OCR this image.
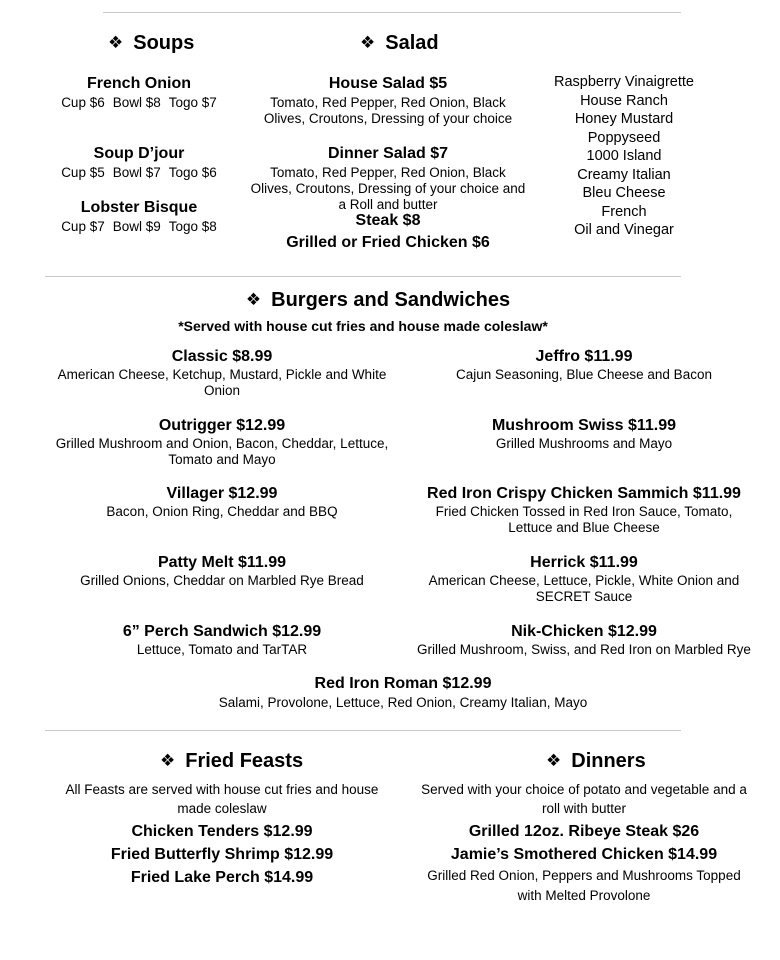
❖ Soups	❖ Salad
French Onion
Cup $6 Bowl $8 Togo $7
Soup D’jour
Cup $5 Bowl $7 Togo $6
Lobster Bisque
Cup $7 Bowl $9 Togo $8
House Salad $5
Tomato, Red Pepper, Red Onion, Black
Olives, Croutons, Dressing of your choice
Dinner Salad $7
Tomato, Red Pepper, Red Onion, Black
Olives, Croutons, Dressing of your choice and
a Roll and butter
Steak $8
Grilled or Fried Chicken $6
Raspberry Vinaigrette
House Ranch
Honey Mustard
Poppyseed
1000 Island
Creamy Italian
Bleu Cheese
French
Oil and Vinegar
❖ Burgers and Sandwiches
*Served with house cut fries and house made coleslaw*
Classic $8.99
American Cheese, Ketchup, Mustard, Pickle and White
Onion
Outrigger $12.99
Grilled Mushroom and Onion, Bacon, Cheddar, Lettuce,
Tomato and Mayo
Villager $12.99
Bacon, Onion Ring, Cheddar and BBQ
Patty Melt $11.99
Grilled Onions, Cheddar on Marbled Rye Bread
6” Perch Sandwich $12.99
Lettuce, Tomato and TarTAR
Jeffro $11.99
Cajun Seasoning, Blue Cheese and Bacon
Mushroom Swiss $11.99
Grilled Mushrooms and Mayo
Red Iron Crispy Chicken Sammich $11.99
Fried Chicken Tossed in Red Iron Sauce, Tomato,
Lettuce and Blue Cheese
Herrick $11.99
American Cheese, Lettuce, Pickle, White Onion and
SECRET Sauce
Nik-Chicken $12.99
Grilled Mushroom, Swiss, and Red Iron on Marbled Rye
Red Iron Roman $12.99
Salami, Provolone, Lettuce, Red Onion, Creamy Italian, Mayo
❖ Fried Feasts
All Feasts are served with house cut fries and house
made coleslaw
Chicken Tenders $12.99
Fried Butterfly Shrimp $12.99
Fried Lake Perch $14.99
❖ Dinners
Served with your choice of potato and vegetable and a
roll with butter
Grilled 12oz. Ribeye Steak $26
Jamie’s Smothered Chicken $14.99
Grilled Red Onion, Peppers and Mushrooms Topped
with Melted Provolone
